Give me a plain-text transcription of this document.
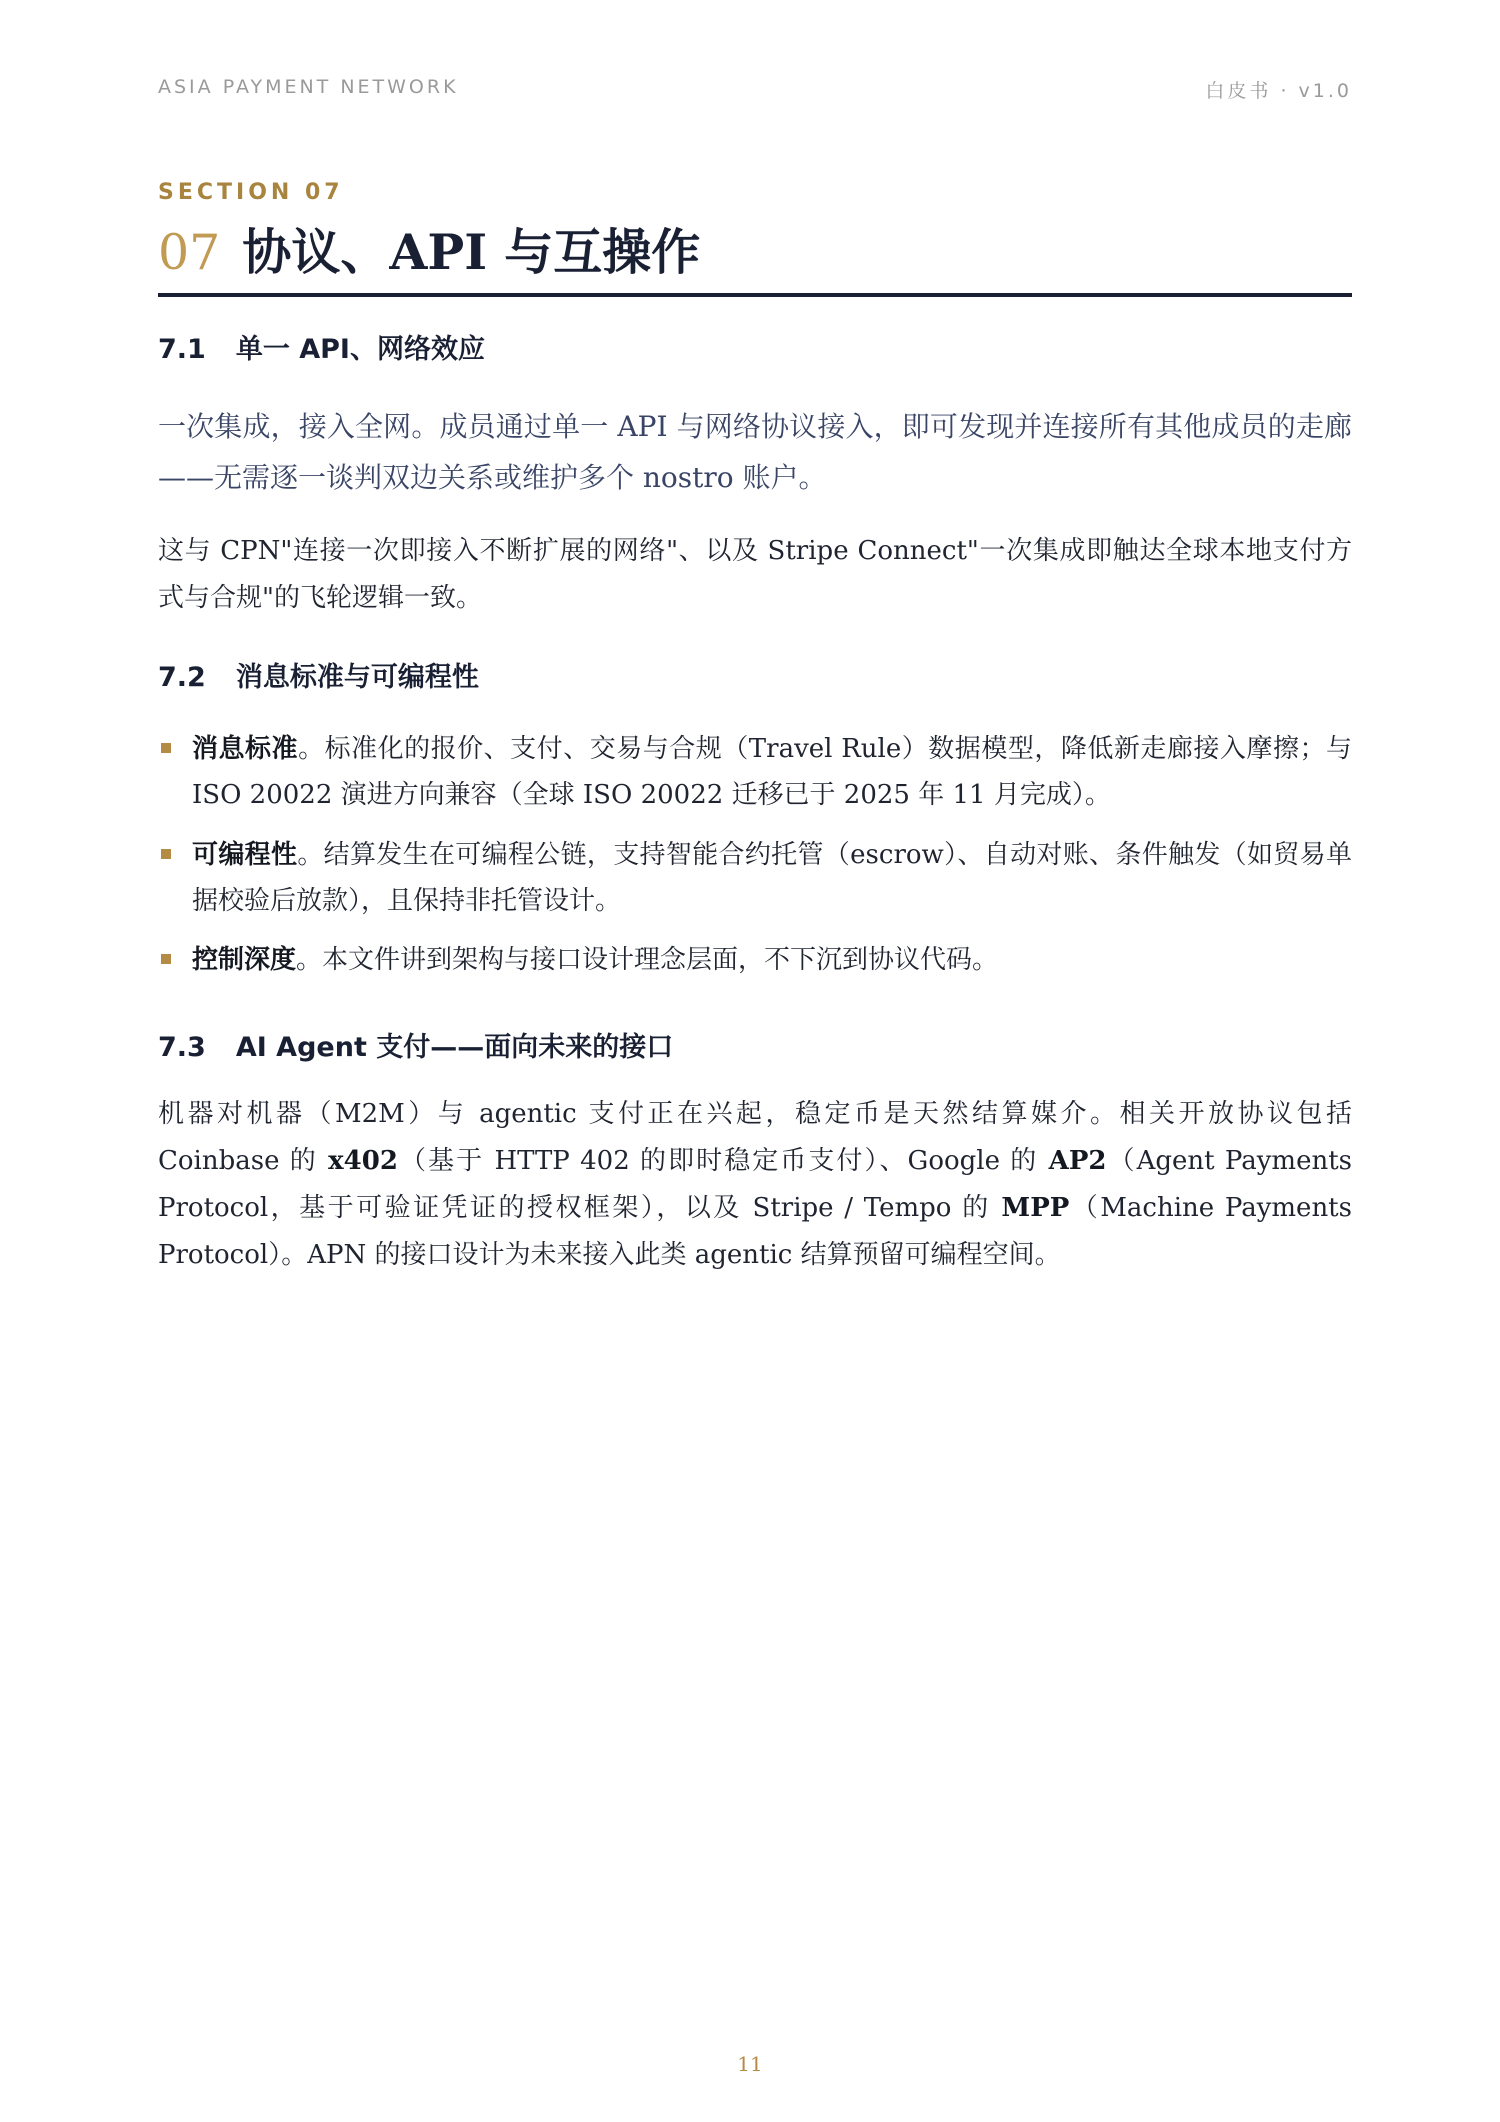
ASIA PAYMENT NETWORK	白皮书 · v1.0
SECTION 07
07 协议、API 与互操作
7.1 单一 API、网络效应
一次集成，接入全网。成员通过单一 API 与网络协议接入，即可发现并连接所有其他成员的走廊——无需逐一谈判双边关系或维护多个 nostro 账户。
这与 CPN"连接一次即接入不断扩展的网络"、以及 Stripe Connect"一次集成即触达全球本地支付方式与合规"的飞轮逻辑一致。
7.2 消息标准与可编程性
消息标准。标准化的报价、支付、交易与合规（Travel Rule）数据模型，降低新走廊接入摩擦；与 ISO 20022 演进方向兼容（全球 ISO 20022 迁移已于 2025 年 11 月完成）。
可编程性。结算发生在可编程公链，支持智能合约托管（escrow）、自动对账、条件触发（如贸易单据校验后放款），且保持非托管设计。
控制深度。本文件讲到架构与接口设计理念层面，不下沉到协议代码。
7.3 AI Agent 支付——面向未来的接口
机器对机器（M2M）与 agentic 支付正在兴起，稳定币是天然结算媒介。相关开放协议包括 Coinbase 的 x402（基于 HTTP 402 的即时稳定币支付）、Google 的 AP2（Agent Payments Protocol，基于可验证凭证的授权框架），以及 Stripe / Tempo 的 MPP（Machine Payments Protocol）。APN 的接口设计为未来接入此类 agentic 结算预留可编程空间。
11
